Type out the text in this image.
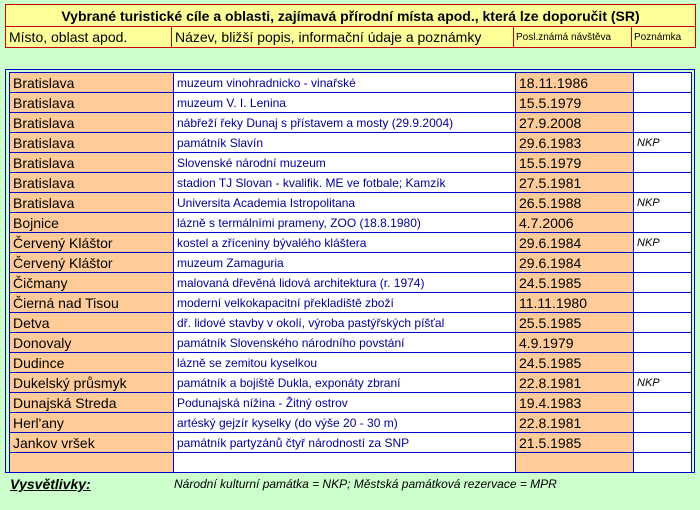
Vybrané turistické cíle a oblasti, zajímavá přírodní místa apod., která lze doporučit (SR)
Místo, oblast apod.	Název, bližší popis, informační údaje a poznámky	Posl.známá návštěva	Poznámka
Bratislava	muzeum vinohradnicko - vinařské	18.11.1986	
Bratislava	muzeum V. I. Lenina	15.5.1979	
Bratislava	nábřeží řeky Dunaj s přístavem a mosty (29.9.2004)	27.9.2008	
Bratislava	památník Slavín	29.6.1983	NKP
Bratislava	Slovenské národní muzeum	15.5.1979	
Bratislava	stadion TJ Slovan - kvalifik. ME ve fotbale; Kamzík	27.5.1981	
Bratislava	Universita Academia Istropolitana	26.5.1988	NKP
Bojnice	lázně s termálními prameny, ZOO (18.8.1980)	4.7.2006	
Červený Kláštor	kostel a zříceniny bývalého kláštera	29.6.1984	NKP
Červený Kláštor	muzeum Zamaguria	29.6.1984	
Čičmany	malovaná dřevěná lidová architektura (r. 1974)	24.5.1985	
Čierná nad Tisou	moderní velkokapacitní překladiště zboží	11.11.1980	
Detva	dř. lidové stavby v okolí, výroba pastýřských píšťal	25.5.1985	
Donovaly	památník Slovenského národního povstání	4.9.1979	
Dudince	lázně se zemitou kyselkou	24.5.1985	
Dukelský průsmyk	památník a bojiště Dukla, exponáty zbraní	22.8.1981	NKP
Dunajská Streda	Podunajská nížina - Žitný ostrov	19.4.1983	
Herl'any	artéský gejzír kyselky (do výše 20 - 30 m)	22.8.1981	
Jankov vršek	památník partyzánů čtyř národností za SNP	21.5.1985	

Vysvětlivky:	Národní kulturní památka = NKP; Městská památková rezervace = MPR
